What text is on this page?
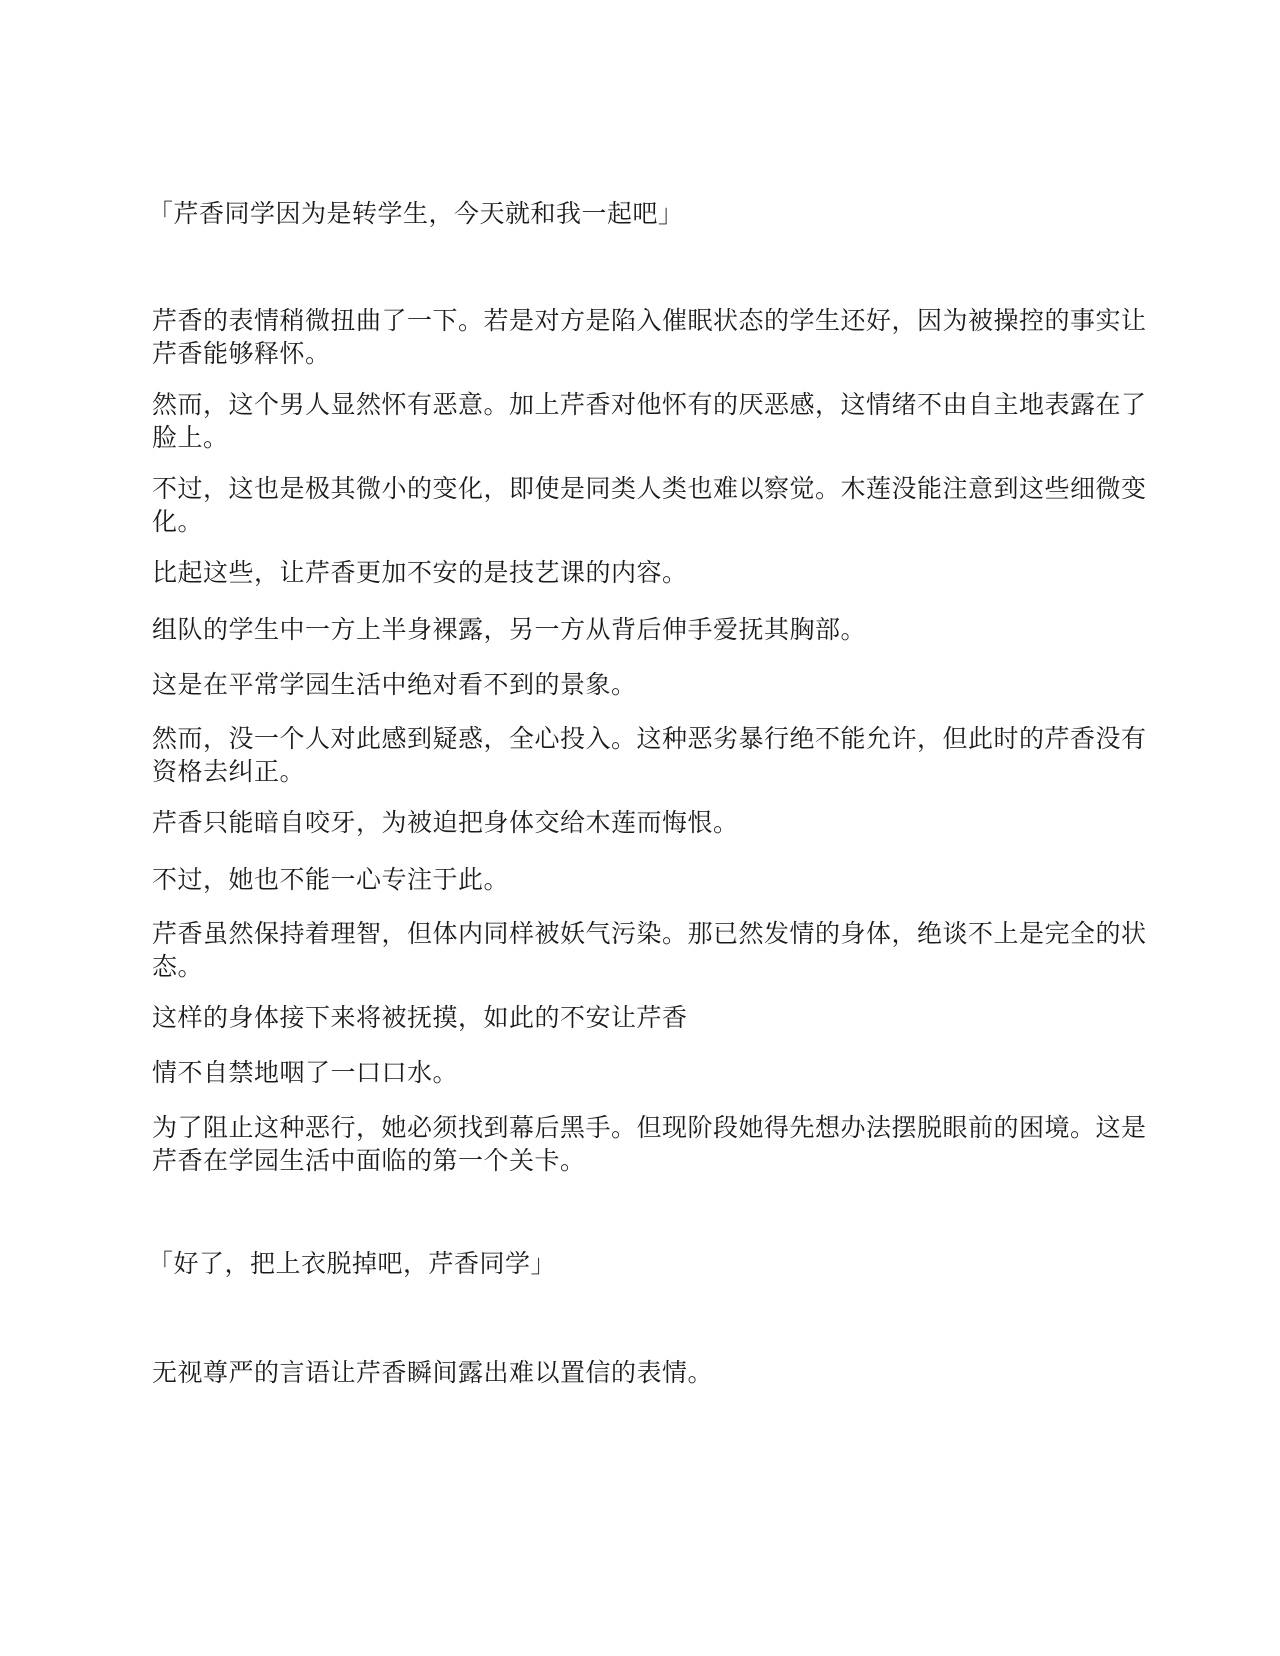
「芹香同学因为是转学生，今天就和我一起吧」

芹香的表情稍微扭曲了一下。若是对方是陷入催眠状态的学生还好，因为被操控的事实让

芹香能够释怀。

然而，这个男人显然怀有恶意。加上芹香对他怀有的厌恶感，这情绪不由自主地表露在了

脸上。

不过，这也是极其微小的变化，即使是同类人类也难以察觉。木莲没能注意到这些细微变

化。

比起这些，让芹香更加不安的是技艺课的内容。

组队的学生中一方上半身裸露，另一方从背后伸手爱抚其胸部。

这是在平常学园生活中绝对看不到的景象。

然而，没一个人对此感到疑惑，全心投入。这种恶劣暴行绝不能允许，但此时的芹香没有

资格去纠正。

芹香只能暗自咬牙，为被迫把身体交给木莲而悔恨。

不过，她也不能一心专注于此。

芹香虽然保持着理智，但体内同样被妖气污染。那已然发情的身体，绝谈不上是完全的状

态。

这样的身体接下来将被抚摸，如此的不安让芹香

情不自禁地咽了一口口水。

为了阻止这种恶行，她必须找到幕后黑手。但现阶段她得先想办法摆脱眼前的困境。这是

芹香在学园生活中面临的第一个关卡。

「好了，把上衣脱掉吧，芹香同学」

无视尊严的言语让芹香瞬间露出难以置信的表情。
